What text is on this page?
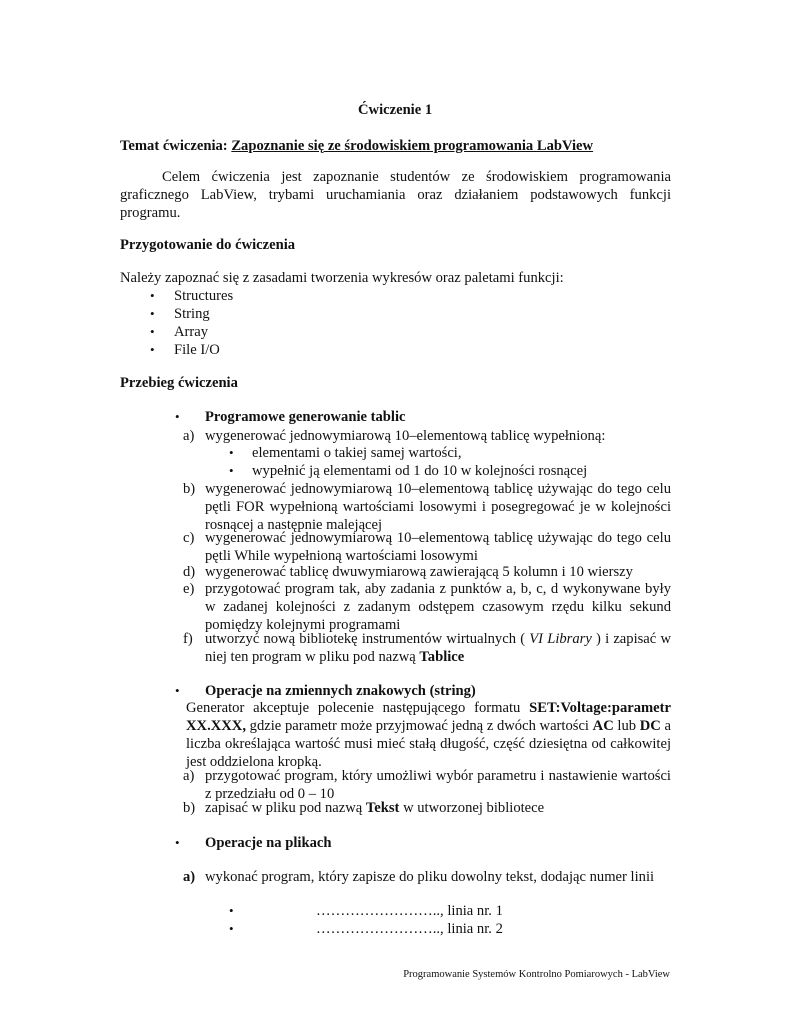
Ćwiczenie 1
Temat ćwiczenia: Zapoznanie się ze środowiskiem programowania LabView
Celem ćwiczenia jest zapoznanie studentów ze środowiskiem programowania graficznego LabView, trybami uruchamiania oraz działaniem podstawowych funkcji programu.
Przygotowanie do ćwiczenia
Należy zapoznać się z zasadami tworzenia wykresów oraz paletami funkcji:
• Structures
• String
• Array
• File I/O
Przebieg ćwiczenia
• Programowe generowanie tablic
a) wygenerować jednowymiarową 10–elementową tablicę wypełnioną:
• elementami o takiej samej wartości,
• wypełnić ją elementami od 1 do 10 w kolejności rosnącej
b) wygenerować jednowymiarową 10–elementową tablicę używając do tego celu pętli FOR wypełnioną wartościami losowymi i posegregować je w kolejności rosnącej a następnie malejącej
c) wygenerować jednowymiarową 10–elementową tablicę używając do tego celu pętli While wypełnioną wartościami losowymi
d) wygenerować tablicę dwuwymiarową zawierającą 5 kolumn i 10 wierszy
e) przygotować program tak, aby zadania z punktów a, b, c, d wykonywane były w zadanej kolejności z zadanym odstępem czasowym rzędu kilku sekund pomiędzy kolejnymi programami
f) utworzyć nową bibliotekę instrumentów wirtualnych ( VI Library ) i zapisać w niej ten program w pliku pod nazwą Tablice
• Operacje na zmiennych znakowych (string)
Generator akceptuje polecenie następującego formatu SET:Voltage:parametr XX.XXX, gdzie parametr może przyjmować jedną z dwóch wartości AC lub DC a liczba określająca wartość musi mieć stałą długość, część dziesiętna od całkowitej jest oddzielona kropką.
a) przygotować program, który umożliwi wybór parametru i nastawienie wartości z przedziału od 0 – 10
b) zapisać w pliku pod nazwą Tekst w utworzonej bibliotece
• Operacje na plikach
a) wykonać program, który zapisze do pliku dowolny tekst, dodając numer linii
•	…………………….., linia nr. 1
•	…………………….., linia nr. 2
Programowanie Systemów Kontrolno Pomiarowych - LabView
